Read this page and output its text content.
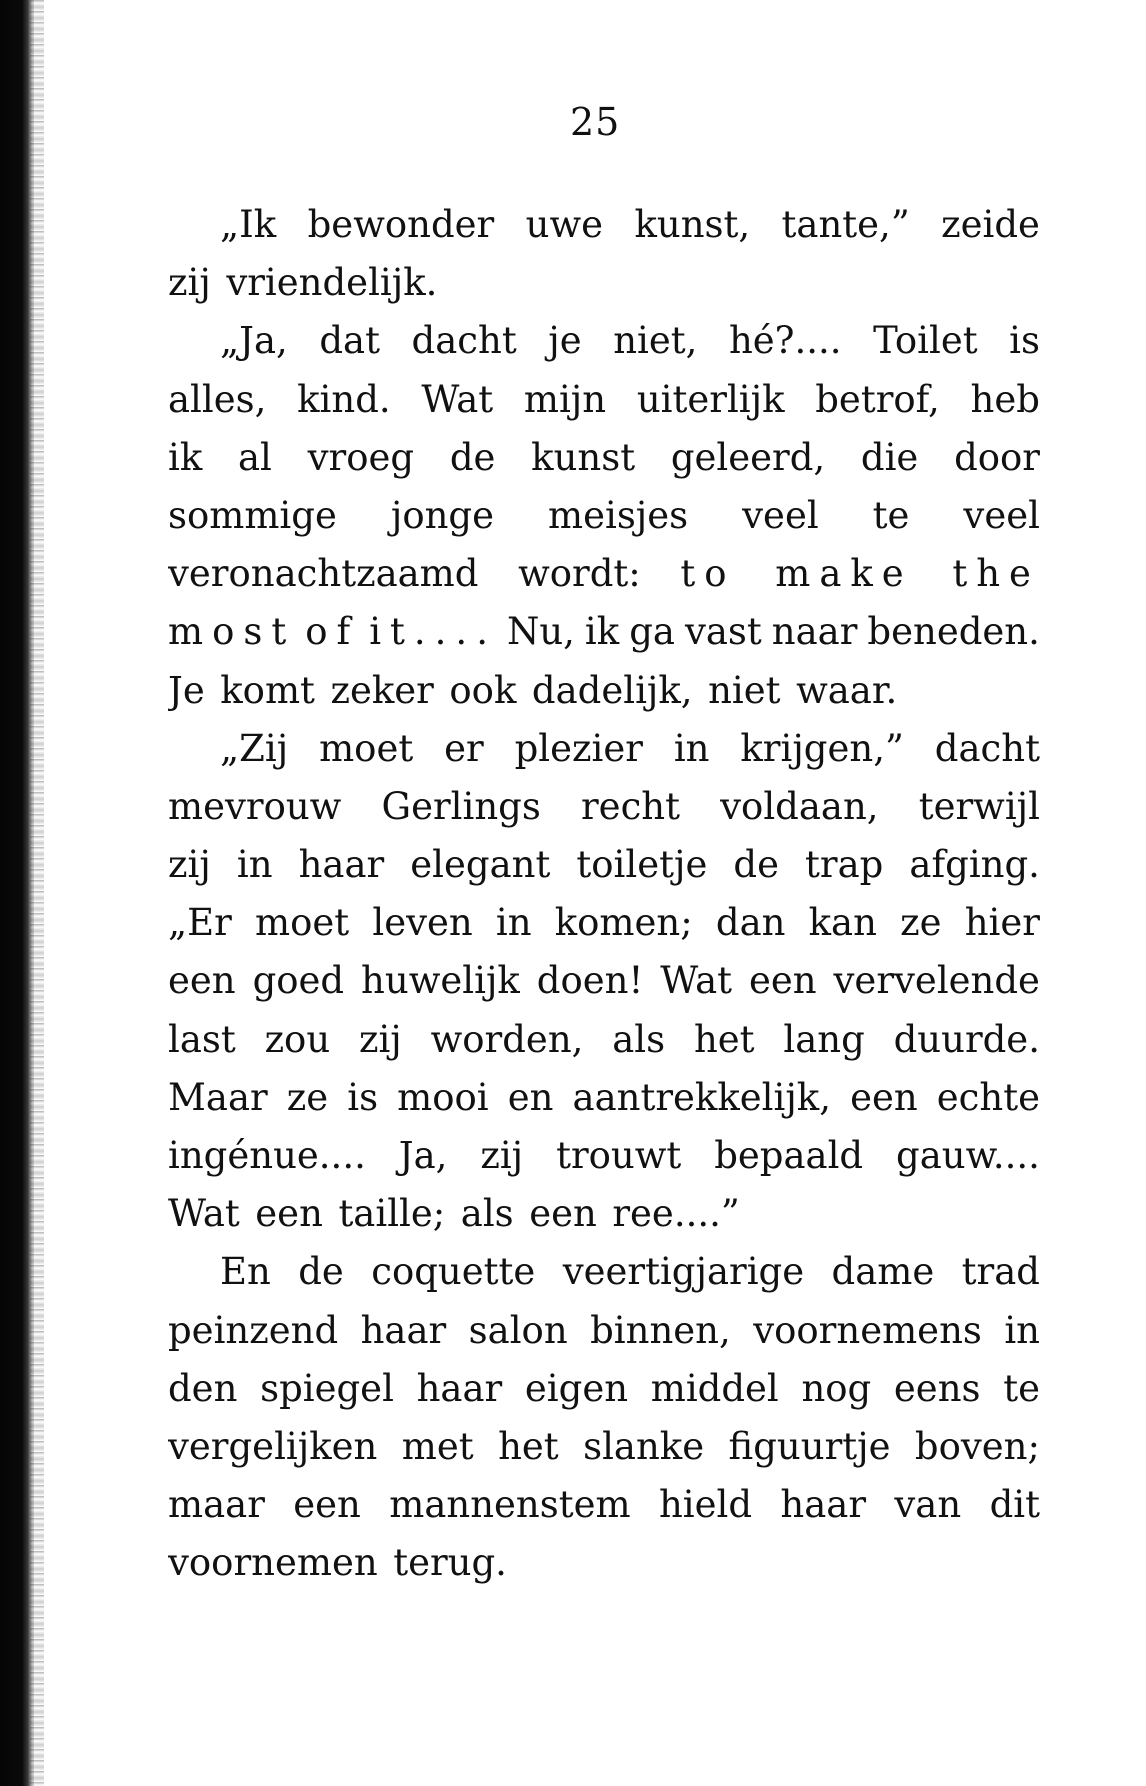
25
„Ik bewonder uwe kunst, tante,” zeide
zij vriendelijk.
„Ja, dat dacht je niet, hé?.... Toilet is
alles, kind. Wat mijn uiterlijk betrof, heb
ik al vroeg de kunst geleerd, die door
sommige jonge meisjes veel te veel
veronachtzaamd wordt: to make the
most of it.... Nu, ik ga vast naar beneden.
Je komt zeker ook dadelijk, niet waar.
„Zij moet er plezier in krijgen,” dacht
mevrouw Gerlings recht voldaan, terwijl
zij in haar elegant toiletje de trap afging.
„Er moet leven in komen; dan kan ze hier
een goed huwelijk doen! Wat een vervelende
last zou zij worden, als het lang duurde.
Maar ze is mooi en aantrekkelijk, een echte
ingénue.... Ja, zij trouwt bepaald gauw....
Wat een taille; als een ree....”
En de coquette veertigjarige dame trad
peinzend haar salon binnen, voornemens in
den spiegel haar eigen middel nog eens te
vergelijken met het slanke figuurtje boven;
maar een mannenstem hield haar van dit
voornemen terug.
